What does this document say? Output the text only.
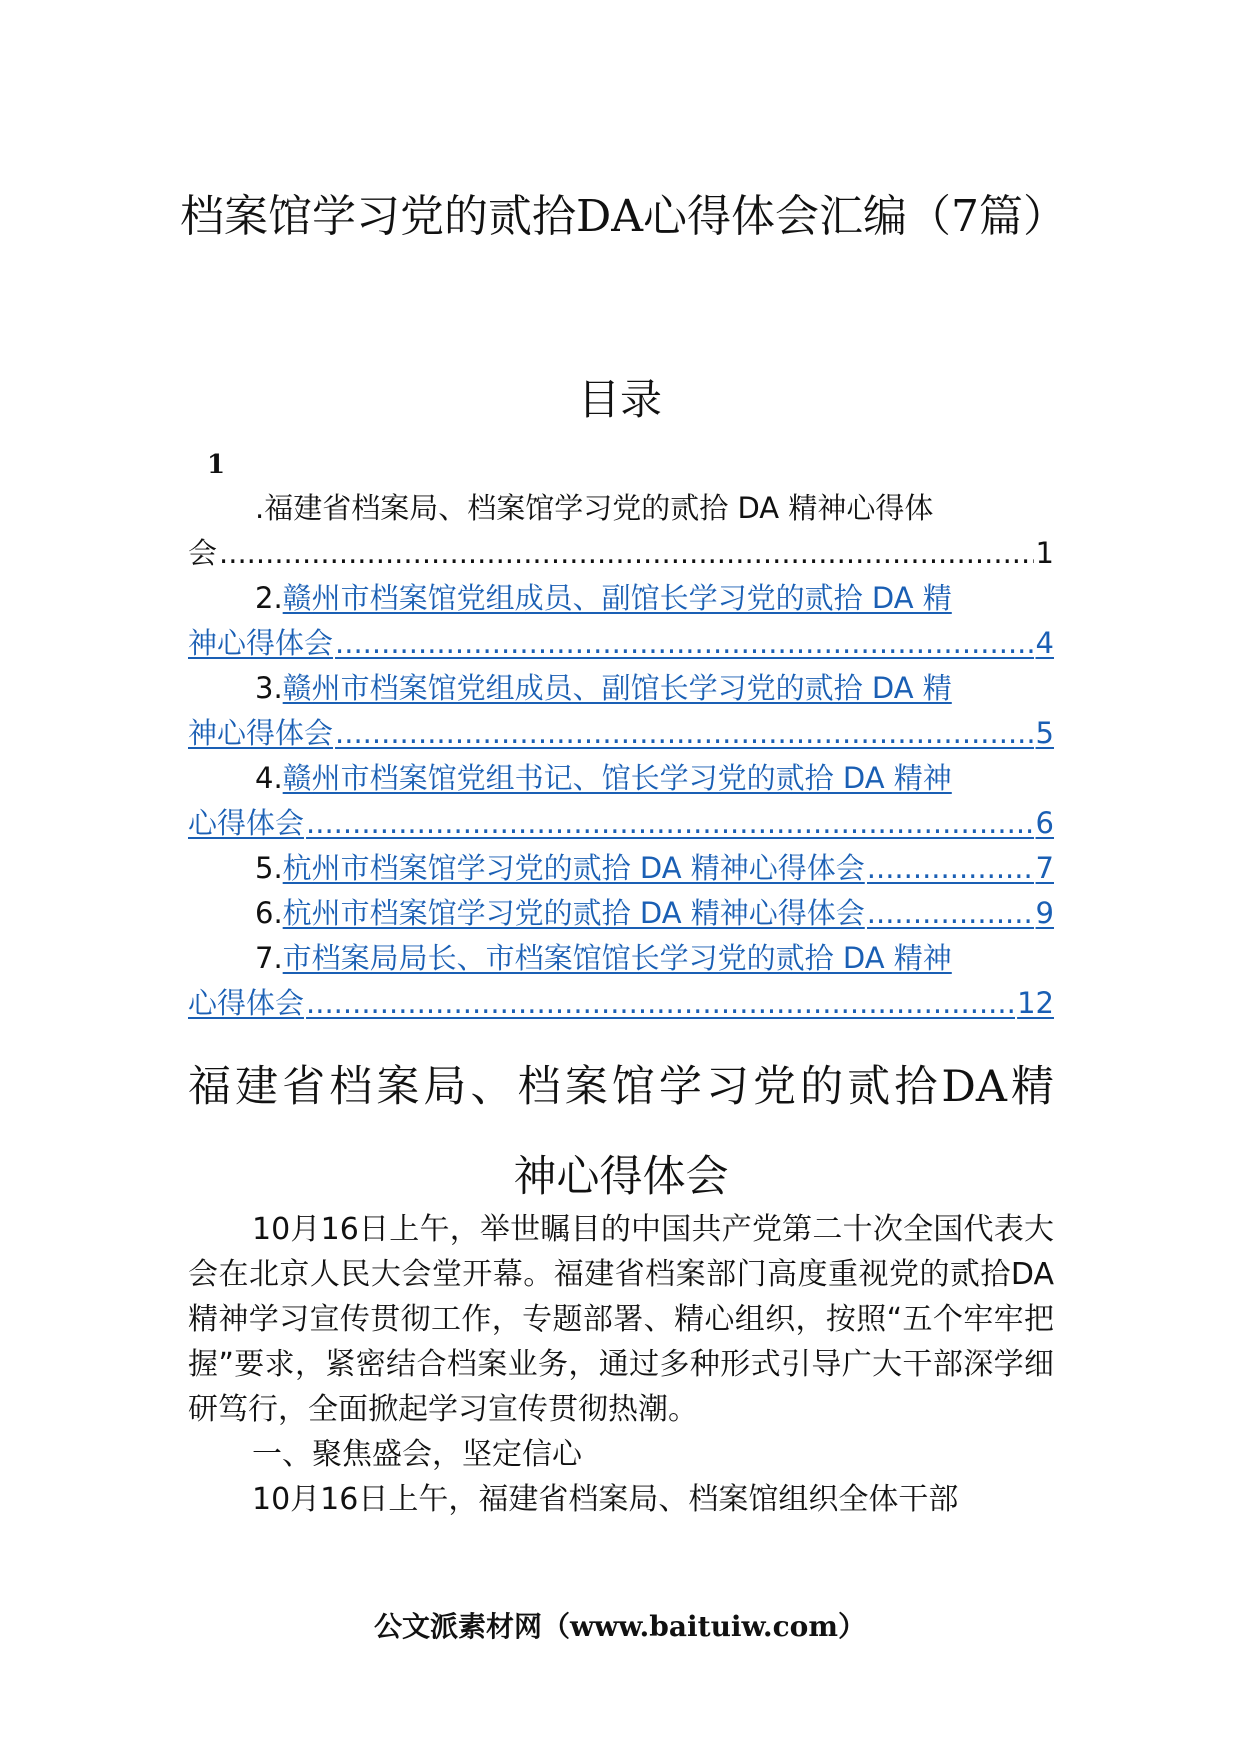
档案馆学习党的贰拾DA心得体会汇编（7篇）
目录
1
.福建省档案局、档案馆学习党的贰拾 DA 精神心得体
会 .....	1
2.赣州市档案馆党组成员、副馆长学习党的贰拾 DA 精
神心得体会 .....	4
3.赣州市档案馆党组成员、副馆长学习党的贰拾 DA 精
神心得体会 .....	5
4.赣州市档案馆党组书记、馆长学习党的贰拾 DA 精神
心得体会 .....	6
5. 杭州市档案馆学习党的贰拾 DA 精神心得体会 .....	7
6. 杭州市档案馆学习党的贰拾 DA 精神心得体会 .....	9
7.市档案局局长、市档案馆馆长学习党的贰拾 DA 精神
心得体会 .....	12
福建省档案局、档案馆学习党的贰拾DA精
神心得体会

10月16日上午，举世瞩目的中国共产党第二十次全国代表大会在北京人民大会堂开幕。福建省档案部门高度重视党的贰拾DA精神学习宣传贯彻工作，专题部署、精心组织，按照“五个牢牢把握”要求，紧密结合档案业务，通过多种形式引导广大干部深学细研笃行，全面掀起学习宣传贯彻热潮。

一、聚焦盛会，坚定信心

10月16日上午，福建省档案局、档案馆组织全体干部

公文派素材网（www.baituiw.com）
